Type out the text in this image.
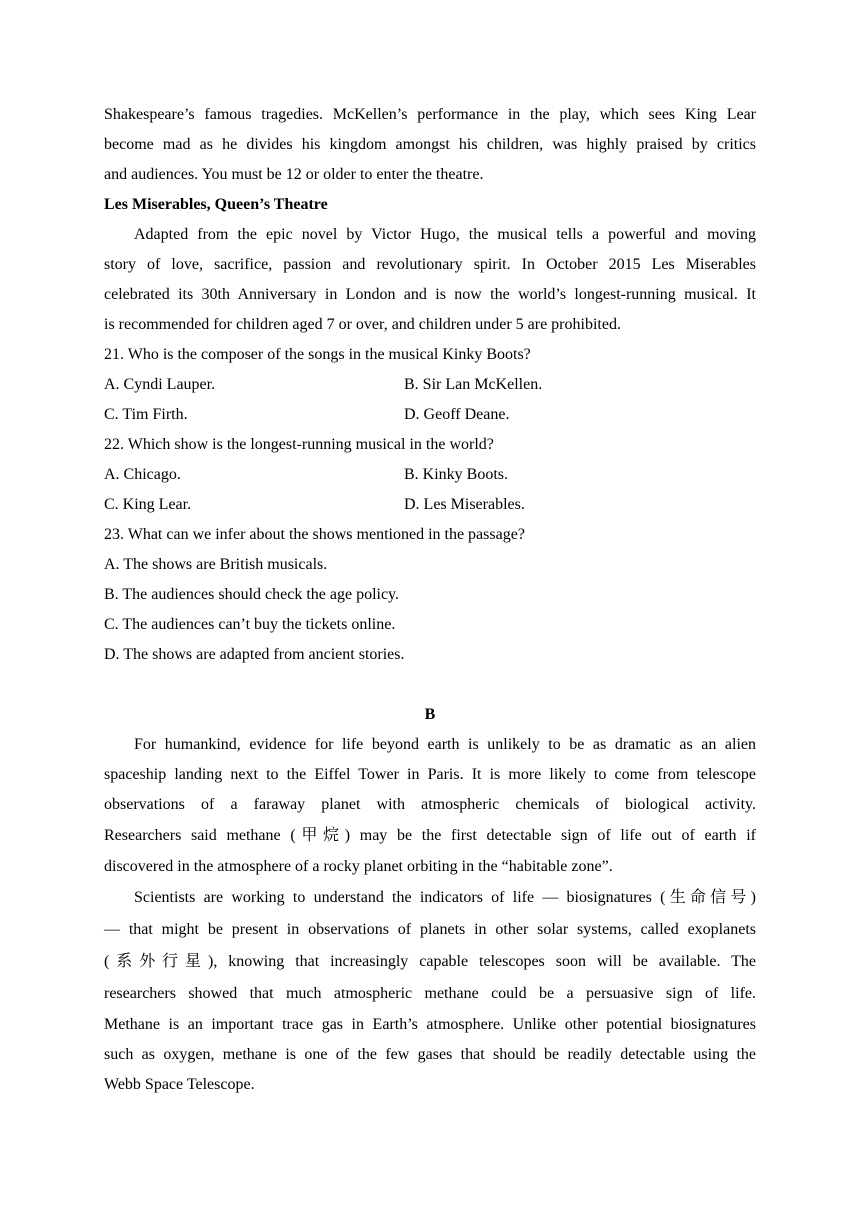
Shakespeare’s famous tragedies. McKellen’s performance in the play, which sees King Lear
become mad as he divides his kingdom amongst his children, was highly praised by critics
and audiences. You must be 12 or older to enter the theatre.
Les Miserables, Queen’s Theatre
Adapted from the epic novel by Victor Hugo, the musical tells a powerful and moving
story of love, sacrifice, passion and revolutionary spirit. In October 2015 Les Miserables
celebrated its 30th Anniversary in London and is now the world’s longest-running musical. It
is recommended for children aged 7 or over, and children under 5 are prohibited.
21. Who is the composer of the songs in the musical Kinky Boots?
A. Cyndi Lauper.	B. Sir Lan McKellen.
C. Tim Firth.	D. Geoff Deane.
22. Which show is the longest-running musical in the world?
A. Chicago.	B. Kinky Boots.
C. King Lear.	D. Les Miserables.
23. What can we infer about the shows mentioned in the passage?
A. The shows are British musicals.
B. The audiences should check the age policy.
C. The audiences can’t buy the tickets online.
D. The shows are adapted from ancient stories.
B
For humankind, evidence for life beyond earth is unlikely to be as dramatic as an alien
spaceship landing next to the Eiffel Tower in Paris. It is more likely to come from telescope
observations of a faraway planet with atmospheric chemicals of biological activity.
Researchers said methane (甲烷) may be the first detectable sign of life out of earth if
discovered in the atmosphere of a rocky planet orbiting in the “habitable zone”.
Scientists are working to understand the indicators of life — biosignatures (生命信号)
— that might be present in observations of planets in other solar systems, called exoplanets
(系外行星), knowing that increasingly capable telescopes soon will be available. The
researchers showed that much atmospheric methane could be a persuasive sign of life.
Methane is an important trace gas in Earth’s atmosphere. Unlike other potential biosignatures
such as oxygen, methane is one of the few gases that should be readily detectable using the
Webb Space Telescope.
